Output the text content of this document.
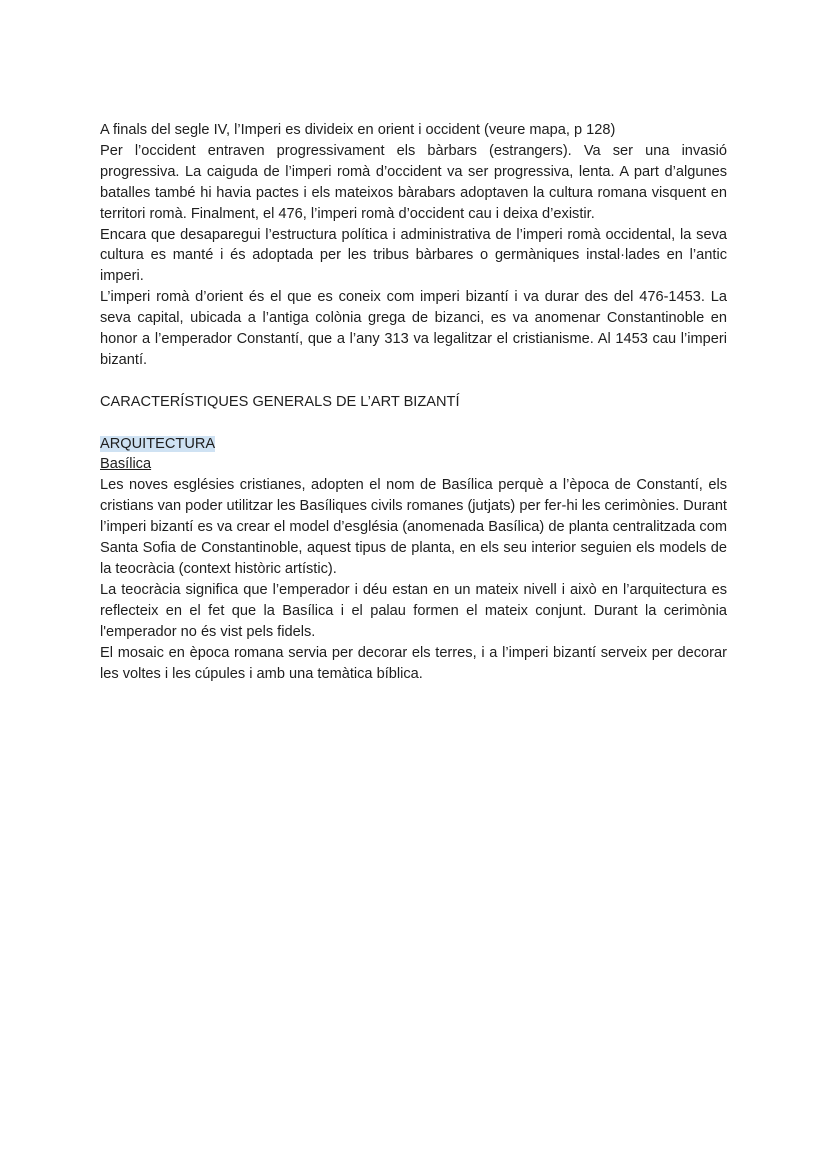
A finals del segle IV, l’Imperi es divideix en orient i occident (veure mapa, p 128)

Per l’occident entraven progressivament els bàrbars (estrangers). Va ser una invasió progressiva. La caiguda de l’imperi romà d’occident va ser progressiva, lenta. A part d’algunes batalles també hi havia pactes i els mateixos bàrabars adoptaven la cultura romana visquent en territori romà. Finalment, el 476, l’imperi romà d’occident cau i deixa d’existir.

Encara que desaparegui l’estructura política i administrativa de l’imperi romà occidental, la seva cultura es manté i és adoptada per les tribus bàrbares o germàniques instal·lades en l’antic imperi.

L’imperi romà d’orient és el que es coneix com imperi bizantí i va durar des del 476-1453. La seva capital, ubicada a l’antiga colònia grega de bizanci, es va anomenar Constantinoble en honor a l’emperador Constantí, que a l’any 313 va legalitzar el cristianisme. Al 1453 cau l’imperi bizantí.

CARACTERÍSTIQUES GENERALS DE L’ART BIZANTÍ

ARQUITECTURA

Basílica

Les noves esglésies cristianes, adopten el nom de Basílica perquè a l’època de Constantí, els cristians van poder utilitzar les Basíliques civils romanes (jutjats) per fer-hi les cerimònies. Durant l’imperi bizantí es va crear el model d’església (anomenada Basílica) de planta centralitzada com Santa Sofia de Constantinoble, aquest tipus de planta, en els seu interior seguien els models de la teocràcia (context històric artístic).

La teocràcia significa que l’emperador i déu estan en un mateix nivell i això en l’arquitectura es reflecteix en el fet que la Basílica i el palau formen el mateix conjunt. Durant la cerimònia l'emperador no és vist pels fidels.

El mosaic en època romana servia per decorar els terres, i a l’imperi bizantí serveix per decorar les voltes i les cúpules i amb una temàtica bíblica.
